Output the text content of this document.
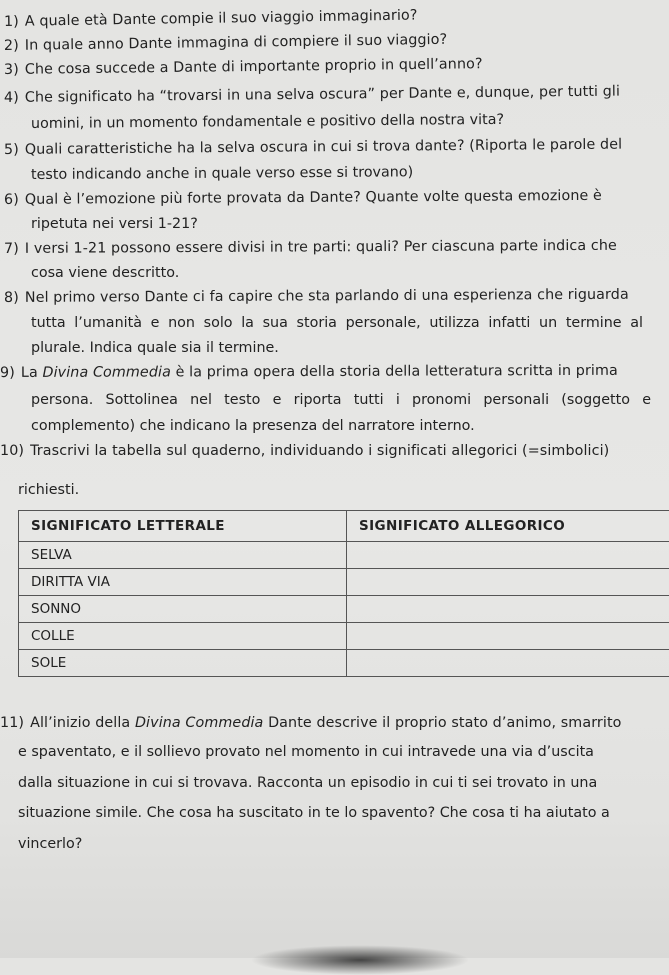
1) A quale età Dante compie il suo viaggio immaginario?
2) In quale anno Dante immagina di compiere il suo viaggio?
3) Che cosa succede a Dante di importante proprio in quell’anno?
4) Che significato ha “trovarsi in una selva oscura” per Dante e, dunque, per tutti gli
uomini, in un momento fondamentale e positivo della nostra vita?
5) Quali caratteristiche ha la selva oscura in cui si trova dante? (Riporta le parole del
testo indicando anche in quale verso esse si trovano)
6) Qual è l’emozione più forte provata da Dante? Quante volte questa emozione è
ripetuta nei versi 1-21?
7) I versi 1-21 possono essere divisi in tre parti: quali? Per ciascuna parte indica che
cosa viene descritto.
8) Nel primo verso Dante ci fa capire che sta parlando di una esperienza che riguarda
tutta l’umanità e non solo la sua storia personale, utilizza infatti un termine al
plurale. Indica quale sia il termine.
9) La Divina Commedia è la prima opera della storia della letteratura scritta in prima
persona. Sottolinea nel testo e riporta tutti i pronomi personali (soggetto e
complemento) che indicano la presenza del narratore interno.
10) Trascrivi la tabella sul quaderno, individuando i significati allegorici (=simbolici)
richiesti.
SIGNIFICATO LETTERALE	SIGNIFICATO ALLEGORICO
SELVA	
DIRITTA VIA	
SONNO	
COLLE	
SOLE	
11) All’inizio della Divina Commedia Dante descrive il proprio stato d’animo, smarrito
e spaventato, e il sollievo provato nel momento in cui intravede una via d’uscita
dalla situazione in cui si trovava. Racconta un episodio in cui ti sei trovato in una
situazione simile. Che cosa ha suscitato in te lo spavento? Che cosa ti ha aiutato a
vincerlo?
